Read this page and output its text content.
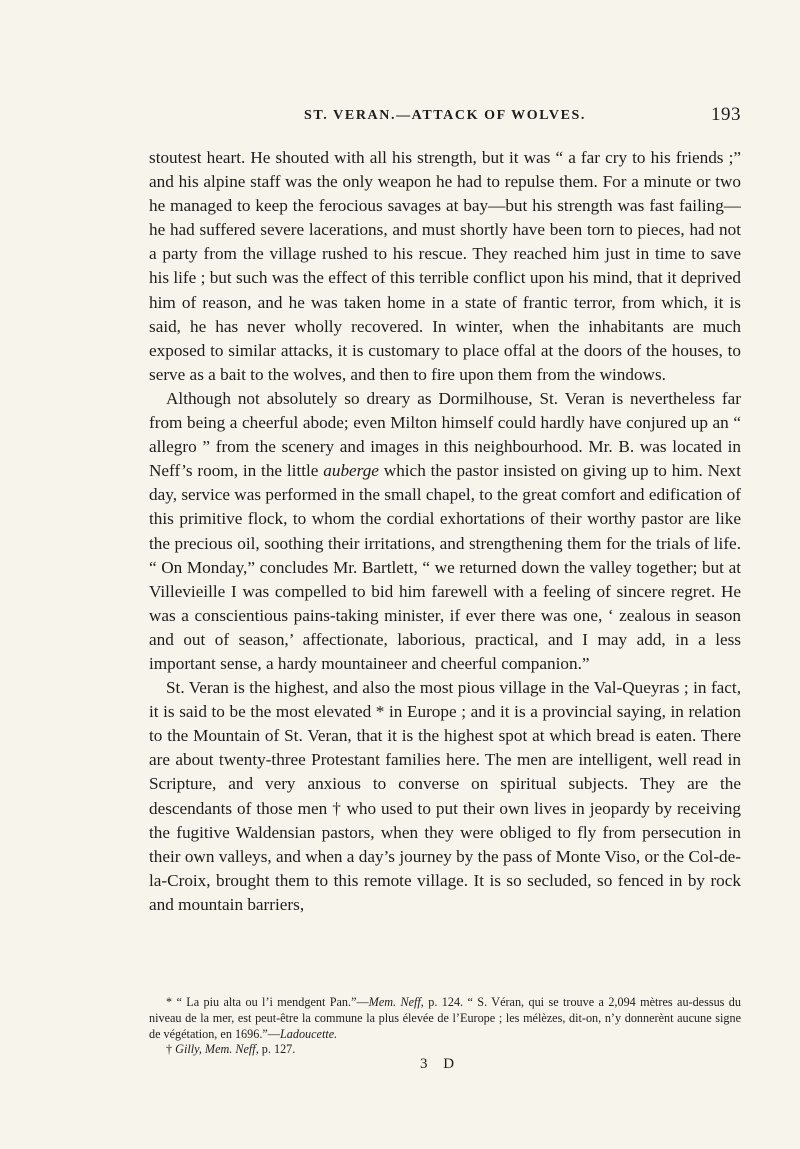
ST. VERAN.—ATTACK OF WOLVES.	193

stoutest heart. He shouted with all his strength, but it was “ a far cry to his friends ;” and his alpine staff was the only weapon he had to repulse them. For a minute or two he managed to keep the ferocious savages at bay—but his strength was fast failing—he had suffered severe lacerations, and must shortly have been torn to pieces, had not a party from the village rushed to his rescue. They reached him just in time to save his life ; but such was the effect of this terrible conflict upon his mind, that it deprived him of reason, and he was taken home in a state of frantic terror, from which, it is said, he has never wholly recovered. In winter, when the inhabitants are much exposed to similar attacks, it is customary to place offal at the doors of the houses, to serve as a bait to the wolves, and then to fire upon them from the windows.

Although not absolutely so dreary as Dormilhouse, St. Veran is nevertheless far from being a cheerful abode; even Milton himself could hardly have conjured up an “ allegro ” from the scenery and images in this neighbourhood. Mr. B. was located in Neff’s room, in the little auberge which the pastor insisted on giving up to him. Next day, service was performed in the small chapel, to the great comfort and edification of this primitive flock, to whom the cordial exhortations of their worthy pastor are like the precious oil, soothing their irritations, and strengthening them for the trials of life. “ On Monday,” concludes Mr. Bartlett, “ we returned down the valley together; but at Villevieille I was compelled to bid him farewell with a feeling of sincere regret. He was a conscientious pains-taking minister, if ever there was one, ‘ zealous in season and out of season,’ affectionate, laborious, practical, and I may add, in a less important sense, a hardy mountaineer and cheerful companion.”

St. Veran is the highest, and also the most pious village in the Val-Queyras ; in fact, it is said to be the most elevated * in Europe ; and it is a provincial saying, in relation to the Mountain of St. Veran, that it is the highest spot at which bread is eaten. There are about twenty-three Protestant families here. The men are intelligent, well read in Scripture, and very anxious to converse on spiritual subjects. They are the descendants of those men † who used to put their own lives in jeopardy by receiving the fugitive Waldensian pastors, when they were obliged to fly from persecution in their own valleys, and when a day’s journey by the pass of Monte Viso, or the Col-de-la-Croix, brought them to this remote village. It is so secluded, so fenced in by rock and mountain barriers,

* “ La piu alta ou l’i mendgent Pan.”—Mem. Neff, p. 124. “ S. Véran, qui se trouve a 2,094 mètres au-dessus du niveau de la mer, est peut-être la commune la plus élevée de l’Europe ; les mélèzes, dit-on, n’y donnerènt aucune signe de végétation, en 1696.”—Ladoucette.

† Gilly, Mem. Neff, p. 127.

3 D
